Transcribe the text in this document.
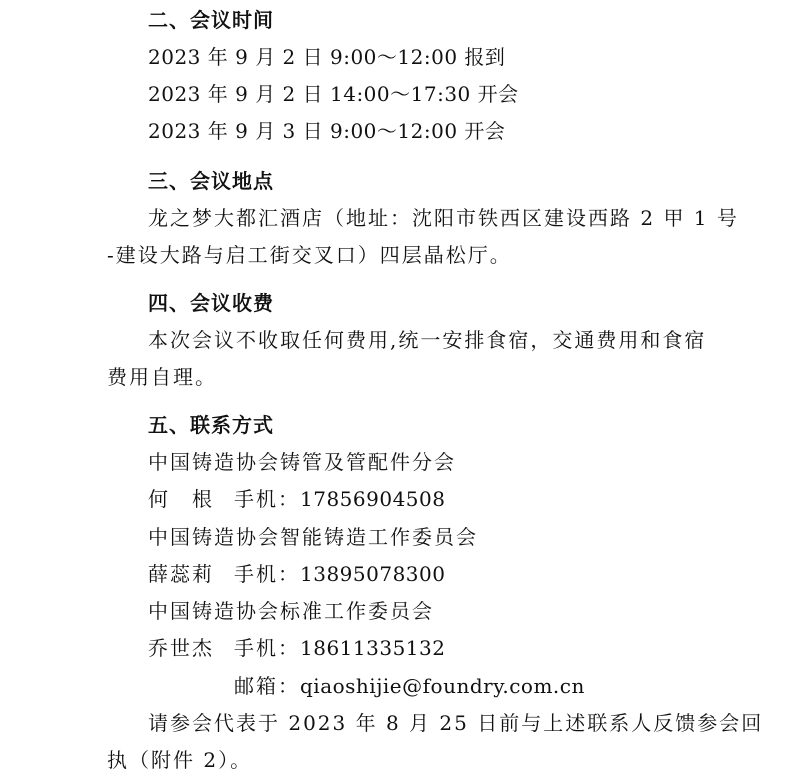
二、会议时间
2023 年 9 月 2 日 9:00～12:00 报到
2023 年 9 月 2 日 14:00～17:30 开会
2023 年 9 月 3 日 9:00～12:00 开会
三、会议地点
龙之梦大都汇酒店（地址：沈阳市铁西区建设西路 2 甲 1 号
-建设大路与启工街交叉口）四层晶松厅。
四、会议收费
本次会议不收取任何费用,统一安排食宿，交通费用和食宿
费用自理。
五、联系方式
中国铸造协会铸管及管配件分会
何　根 手机：17856904508
中国铸造协会智能铸造工作委员会
薛蕊莉 手机：13895078300
中国铸造协会标准工作委员会
乔世杰 手机：18611335132
邮箱：qiaoshijie@foundry.com.cn
请参会代表于 2023 年 8 月 25 日前与上述联系人反馈参会回
执（附件 2）。
